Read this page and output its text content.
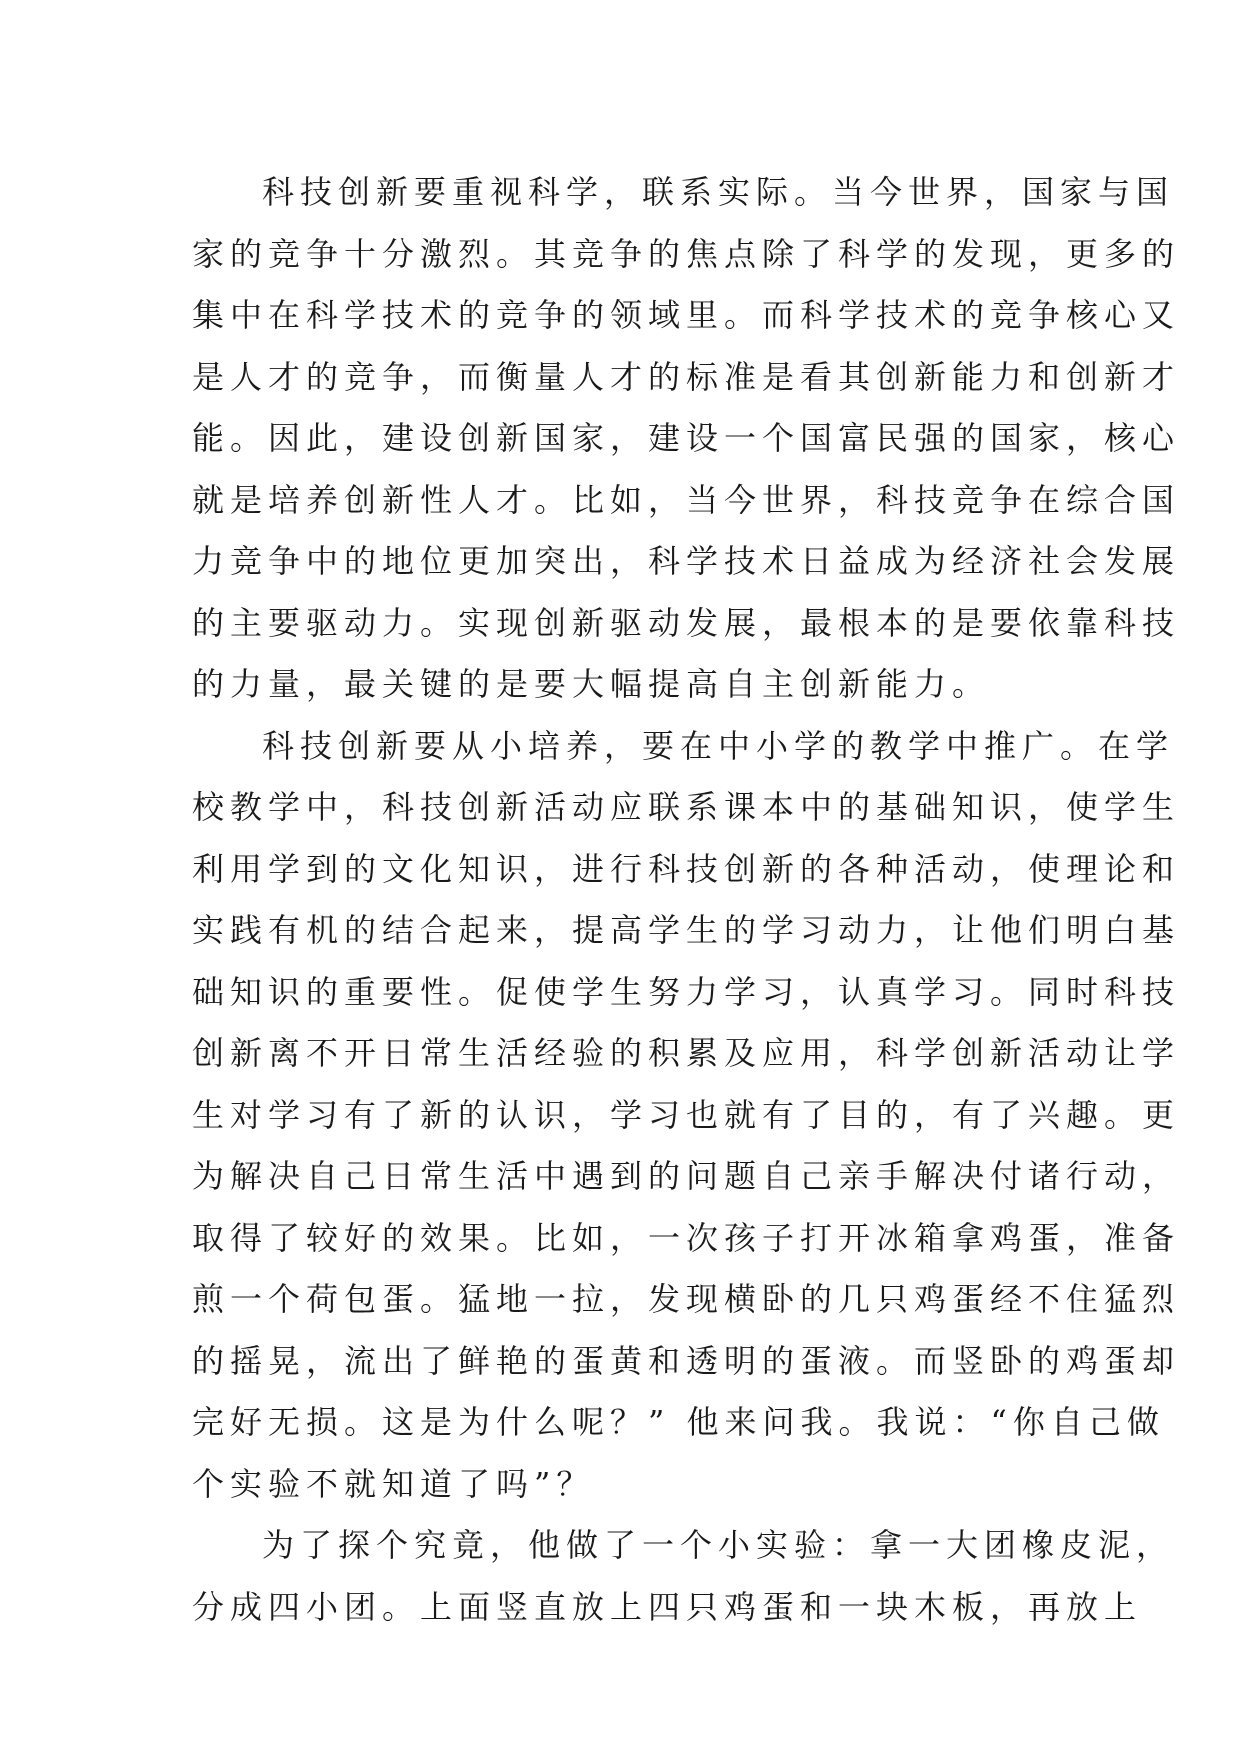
科技创新要重视科学，联系实际。当今世界，国家与国
家的竞争十分激烈。其竞争的焦点除了科学的发现，更多的
集中在科学技术的竞争的领域里。而科学技术的竞争核心又
是人才的竞争，而衡量人才的标准是看其创新能力和创新才
能。因此，建设创新国家，建设一个国富民强的国家，核心
就是培养创新性人才。比如，当今世界，科技竞争在综合国
力竞争中的地位更加突出，科学技术日益成为经济社会发展
的主要驱动力。实现创新驱动发展，最根本的是要依靠科技
的力量，最关键的是要大幅提高自主创新能力。
科技创新要从小培养，要在中小学的教学中推广。在学
校教学中，科技创新活动应联系课本中的基础知识，使学生
利用学到的文化知识，进行科技创新的各种活动，使理论和
实践有机的结合起来，提高学生的学习动力，让他们明白基
础知识的重要性。促使学生努力学习，认真学习。同时科技
创新离不开日常生活经验的积累及应用，科学创新活动让学
生对学习有了新的认识，学习也就有了目的，有了兴趣。更
为解决自己日常生活中遇到的问题自己亲手解决付诸行动，
取得了较好的效果。比如，一次孩子打开冰箱拿鸡蛋，准备
煎一个荷包蛋。猛地一拉，发现横卧的几只鸡蛋经不住猛烈
的摇晃，流出了鲜艳的蛋黄和透明的蛋液。而竖卧的鸡蛋却
完好无损。这是为什么呢？” 他来问我。我说：“你自己做
个实验不就知道了吗”？
为了探个究竟，他做了一个小实验：拿一大团橡皮泥，
分成四小团。上面竖直放上四只鸡蛋和一块木板，再放上
